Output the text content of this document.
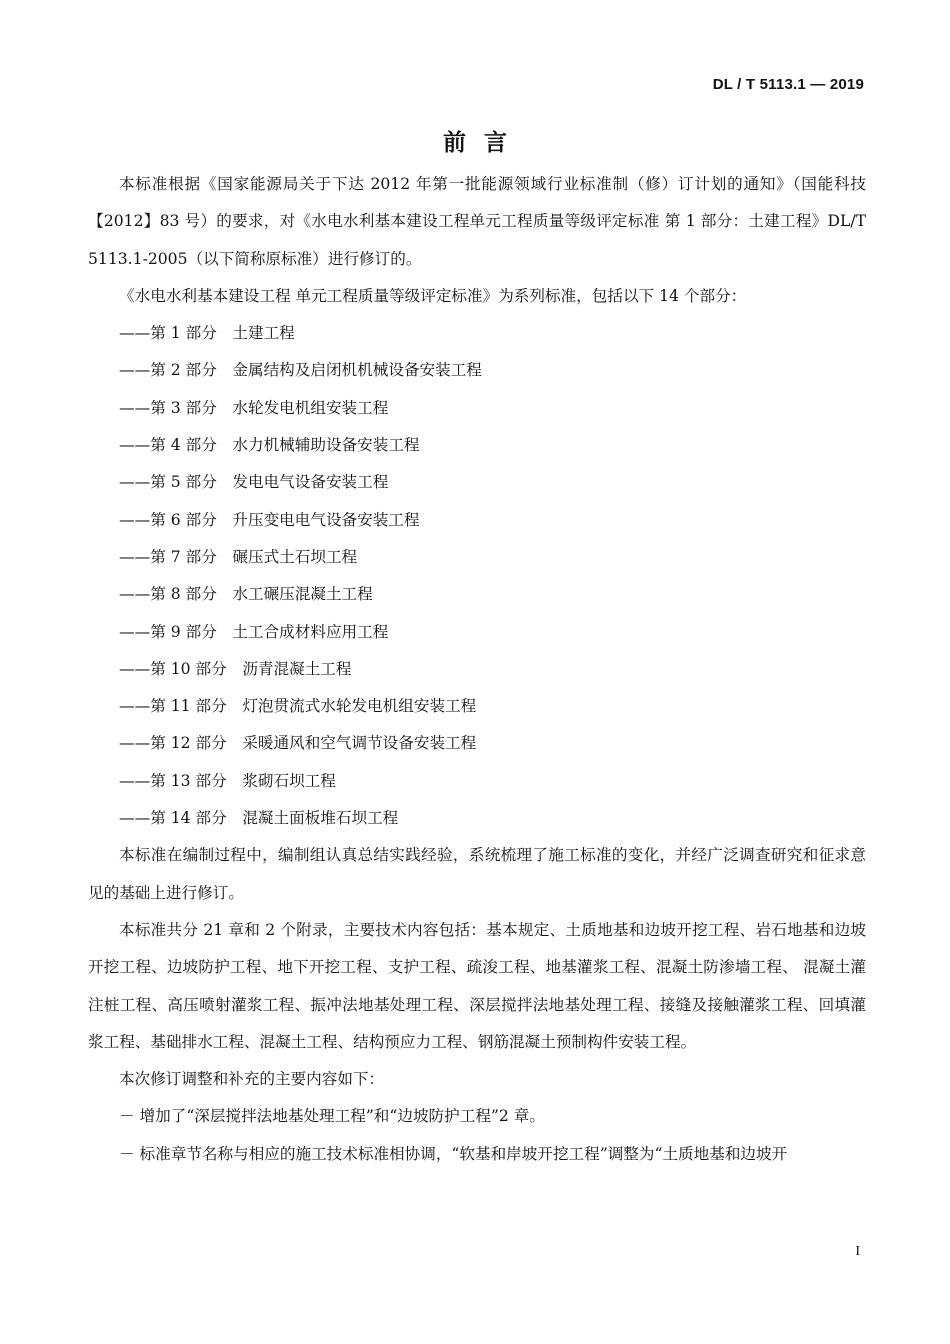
DL / T 5113.1 — 2019
前言

本标准根据《国家能源局关于下达 2012 年第一批能源领域行业标准制（修）订计划的通知》（国能科技【2012】83 号）的要求，对《水电水利基本建设工程单元工程质量等级评定标准 第 1 部分：土建工程》DL/T 5113.1-2005（以下简称原标准）进行修订的。

《水电水利基本建设工程 单元工程质量等级评定标准》为系列标准，包括以下 14 个部分：

——第 1 部分　土建工程

——第 2 部分　金属结构及启闭机机械设备安装工程

——第 3 部分　水轮发电机组安装工程

——第 4 部分　水力机械辅助设备安装工程

——第 5 部分　发电电气设备安装工程

——第 6 部分　升压变电电气设备安装工程

——第 7 部分　碾压式土石坝工程

——第 8 部分　水工碾压混凝土工程

——第 9 部分　土工合成材料应用工程

——第 10 部分　沥青混凝土工程

——第 11 部分　灯泡贯流式水轮发电机组安装工程

——第 12 部分　采暖通风和空气调节设备安装工程

——第 13 部分　浆砌石坝工程

——第 14 部分　混凝土面板堆石坝工程

本标准在编制过程中，编制组认真总结实践经验，系统梳理了施工标准的变化，并经广泛调查研究和征求意见的基础上进行修订。

本标准共分 21 章和 2 个附录，主要技术内容包括：基本规定、土质地基和边坡开挖工程、岩石地基和边坡开挖工程、边坡防护工程、地下开挖工程、支护工程、疏浚工程、地基灌浆工程、混凝土防渗墙工程、 混凝土灌注桩工程、高压喷射灌浆工程、振冲法地基处理工程、深层搅拌法地基处理工程、接缝及接触灌浆工程、回填灌浆工程、基础排水工程、混凝土工程、结构预应力工程、钢筋混凝土预制构件安装工程。

本次修订调整和补充的主要内容如下：

－ 增加了“深层搅拌法地基处理工程”和“边坡防护工程”2 章。

－ 标准章节名称与相应的施工技术标准相协调，“软基和岸坡开挖工程”调整为“土质地基和边坡开

I
